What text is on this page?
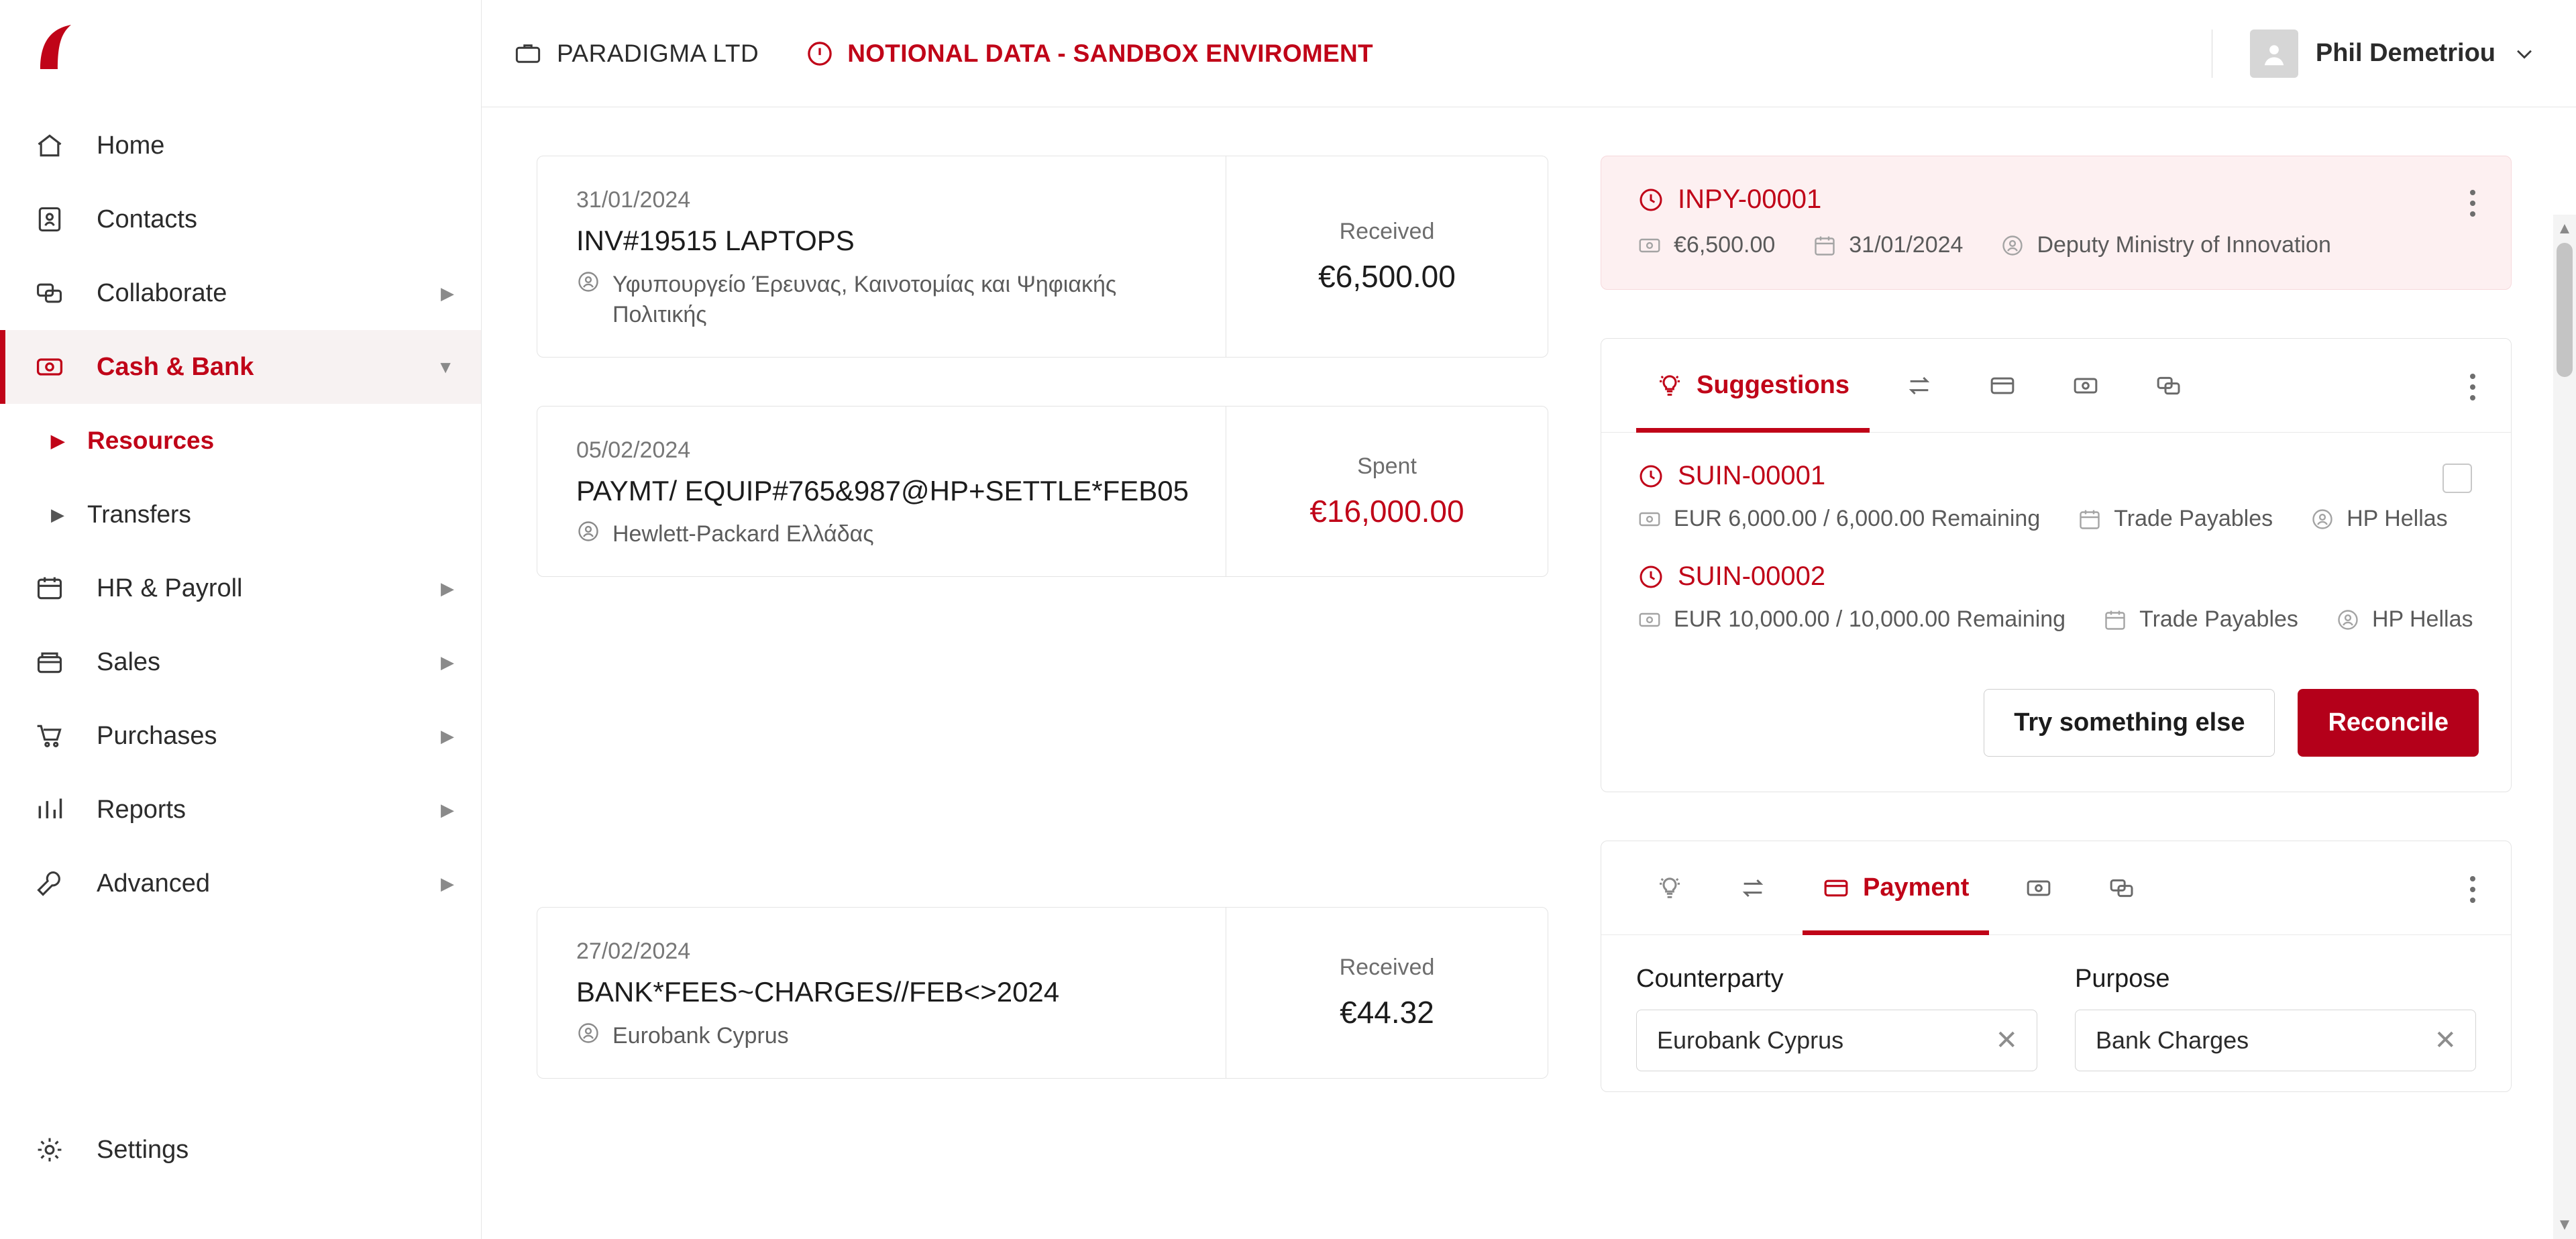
Home
Contacts
Collaborate	▶
Cash & Bank	▼
▶ Resources
▶ Transfers
HR & Payroll	▶
Sales	▶
Purchases	▶
Reports	▶
Advanced	▶
Settings
PARADIGMA LTD	NOTIONAL DATA - SANDBOX ENVIROMENT	Phil Demetriou
31/01/2024
INV#19515 LAPTOPS
Υφυπουργείο Έρευνας, Καινοτομίας και Ψηφιακής Πολιτικής
Received
€6,500.00
05/02/2024
PAYMT/ EQUIP#765&987@HP+SETTLE*FEB05
Hewlett-Packard Ελλάδας
Spent
€16,000.00
27/02/2024
BANK*FEES~CHARGES//FEB<>2024
Eurobank Cyprus
Received
€44.32
INPY-00001
€6,500.00	31/01/2024	Deputy Ministry of Innovation
Suggestions
SUIN-00001
EUR 6,000.00 / 6,000.00 Remaining	Trade Payables	HP Hellas
SUIN-00002
EUR 10,000.00 / 10,000.00 Remaining	Trade Payables	HP Hellas
Try something else	Reconcile
Payment
Counterparty
Eurobank Cyprus	✕
Purpose
Bank Charges	✕
▲
▼
